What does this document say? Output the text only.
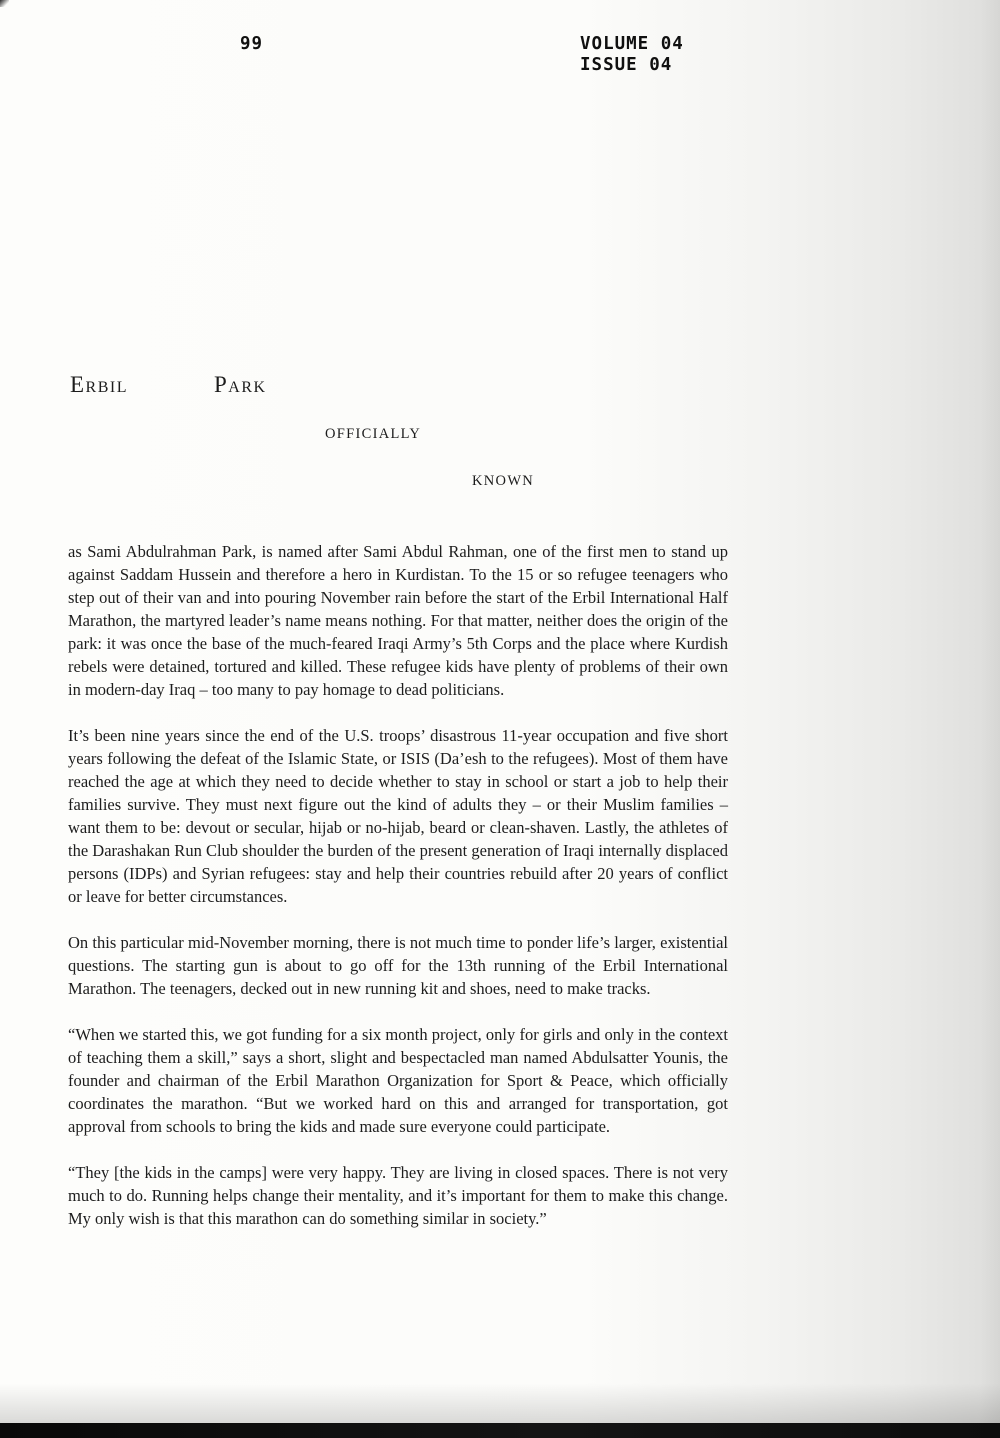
99	VOLUME 04
ISSUE 04
Erbil	Park
OFFICIALLY
KNOWN

as Sami Abdulrahman Park, is named after Sami Abdul Rahman, one of the first men to stand up against Saddam Hussein and therefore a hero in Kurdistan. To the 15 or so refugee teenagers who step out of their van and into pouring November rain before the start of the Erbil International Half Marathon, the martyred leader’s name means nothing. For that matter, neither does the origin of the park: it was once the base of the much-feared Iraqi Army’s 5th Corps and the place where Kurdish rebels were detained, tortured and killed. These refugee kids have plenty of problems of their own in modern-day Iraq – too many to pay homage to dead politicians.

It’s been nine years since the end of the U.S. troops’ disastrous 11-year occupation and five short years following the defeat of the Islamic State, or ISIS (Da’esh to the refugees). Most of them have reached the age at which they need to decide whether to stay in school or start a job to help their families survive. They must next figure out the kind of adults they – or their Muslim families – want them to be: devout or secular, hijab or no-hijab, beard or clean-shaven. Lastly, the athletes of the Darashakan Run Club shoulder the burden of the present generation of Iraqi internally displaced persons (IDPs) and Syrian refugees: stay and help their countries rebuild after 20 years of conflict or leave for better circumstances.

On this particular mid-November morning, there is not much time to ponder life’s larger, existential questions. The starting gun is about to go off for the 13th running of the Erbil International Marathon. The teenagers, decked out in new running kit and shoes, need to make tracks.

“When we started this, we got funding for a six month project, only for girls and only in the context of teaching them a skill,” says a short, slight and bespectacled man named Abdulsatter Younis, the founder and chairman of the Erbil Marathon Organization for Sport & Peace, which officially coordinates the marathon. “But we worked hard on this and arranged for transportation, got approval from schools to bring the kids and made sure everyone could participate.

“They [the kids in the camps] were very happy. They are living in closed spaces. There is not very much to do. Running helps change their mentality, and it’s important for them to make this change. My only wish is that this marathon can do something similar in society.”
